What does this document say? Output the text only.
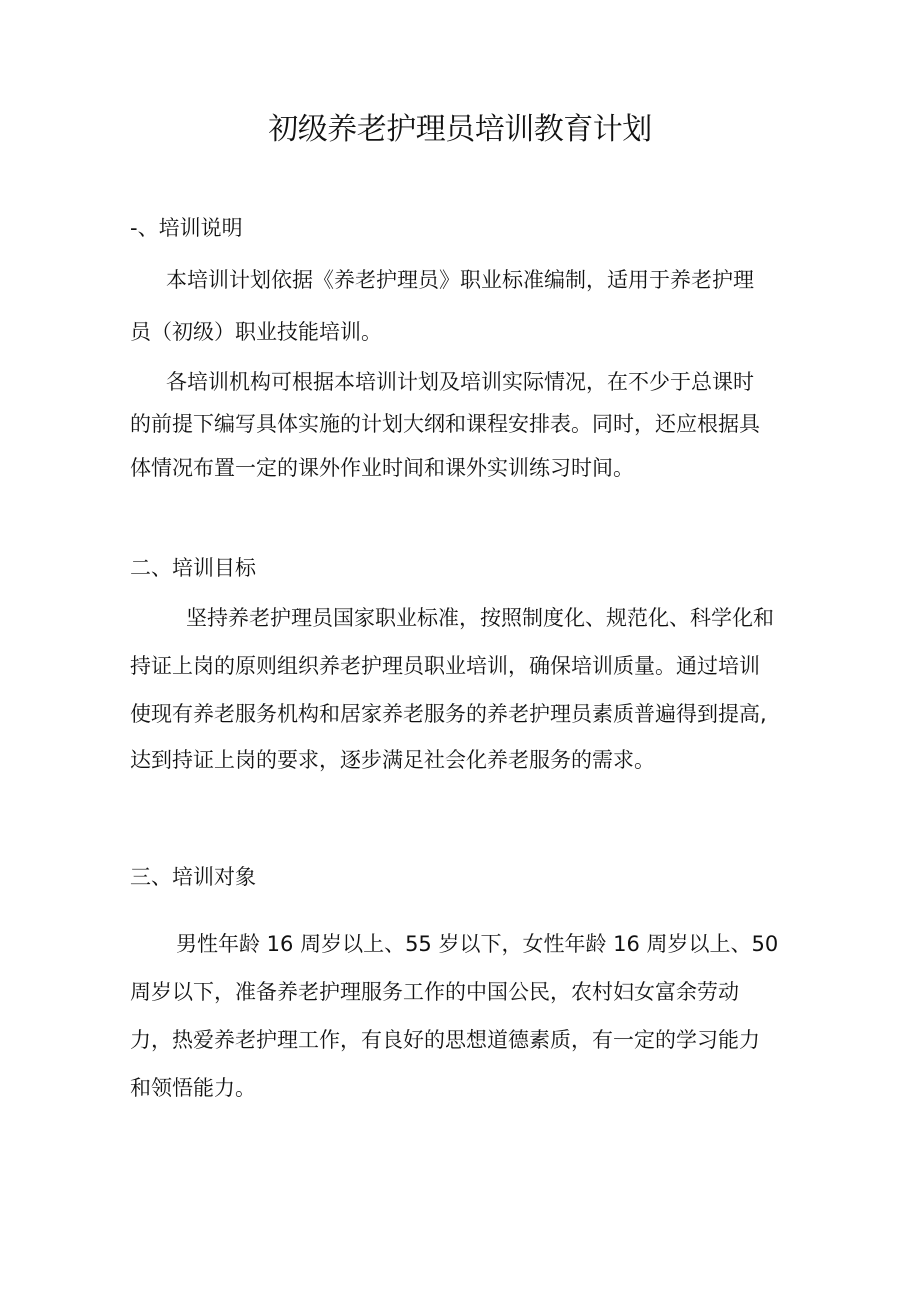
初级养老护理员培训教育计划
-、培训说明
本培训计划依据《养老护理员》职业标准编制，适用于养老护理
员（初级）职业技能培训。
各培训机构可根据本培训计划及培训实际情况，在不少于总课时
的前提下编写具体实施的计划大纲和课程安排表。同时，还应根据具
体情况布置一定的课外作业时间和课外实训练习时间。
二、培训目标
坚持养老护理员国家职业标准，按照制度化、规范化、科学化和
持证上岗的原则组织养老护理员职业培训，确保培训质量。通过培训
使现有养老服务机构和居家养老服务的养老护理员素质普遍得到提高,
达到持证上岗的要求，逐步满足社会化养老服务的需求。
三、培训对象
男性年龄 16 周岁以上、55 岁以下，女性年龄 16 周岁以上、50
周岁以下，准备养老护理服务工作的中国公民，农村妇女富余劳动
力，热爱养老护理工作，有良好的思想道德素质，有一定的学习能力
和领悟能力。
